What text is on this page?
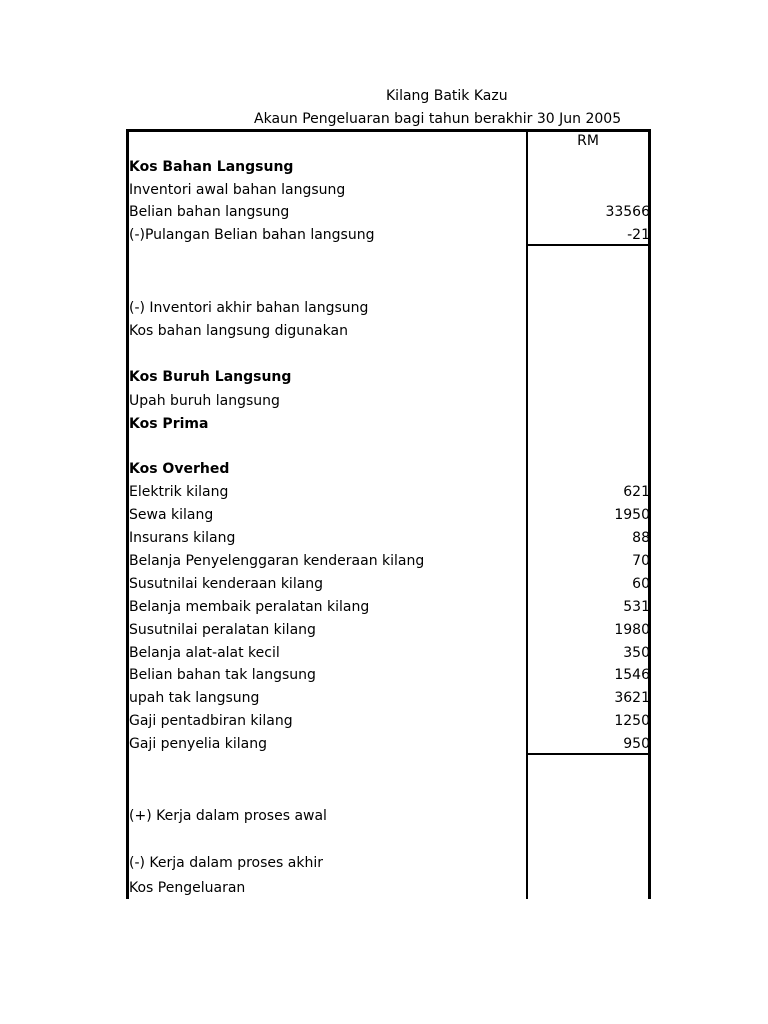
Kilang Batik Kazu
Akaun Pengeluaran bagi tahun berakhir 30 Jun 2005
RM
Kos Bahan Langsung
Inventori awal bahan langsung
Belian bahan langsung	33566
(-)Pulangan Belian bahan langsung	-21
(-) Inventori akhir bahan langsung
Kos bahan langsung digunakan
Kos Buruh Langsung
Upah buruh langsung
Kos Prima
Kos Overhed
Elektrik kilang	621
Sewa kilang	1950
Insurans kilang	88
Belanja Penyelenggaran kenderaan kilang	70
Susutnilai kenderaan kilang	60
Belanja membaik peralatan kilang	531
Susutnilai peralatan kilang	1980
Belanja alat-alat kecil	350
Belian bahan tak langsung	1546
upah tak langsung	3621
Gaji pentadbiran kilang	1250
Gaji penyelia kilang	950
(+) Kerja dalam proses awal
(-) Kerja dalam proses akhir
Kos Pengeluaran
